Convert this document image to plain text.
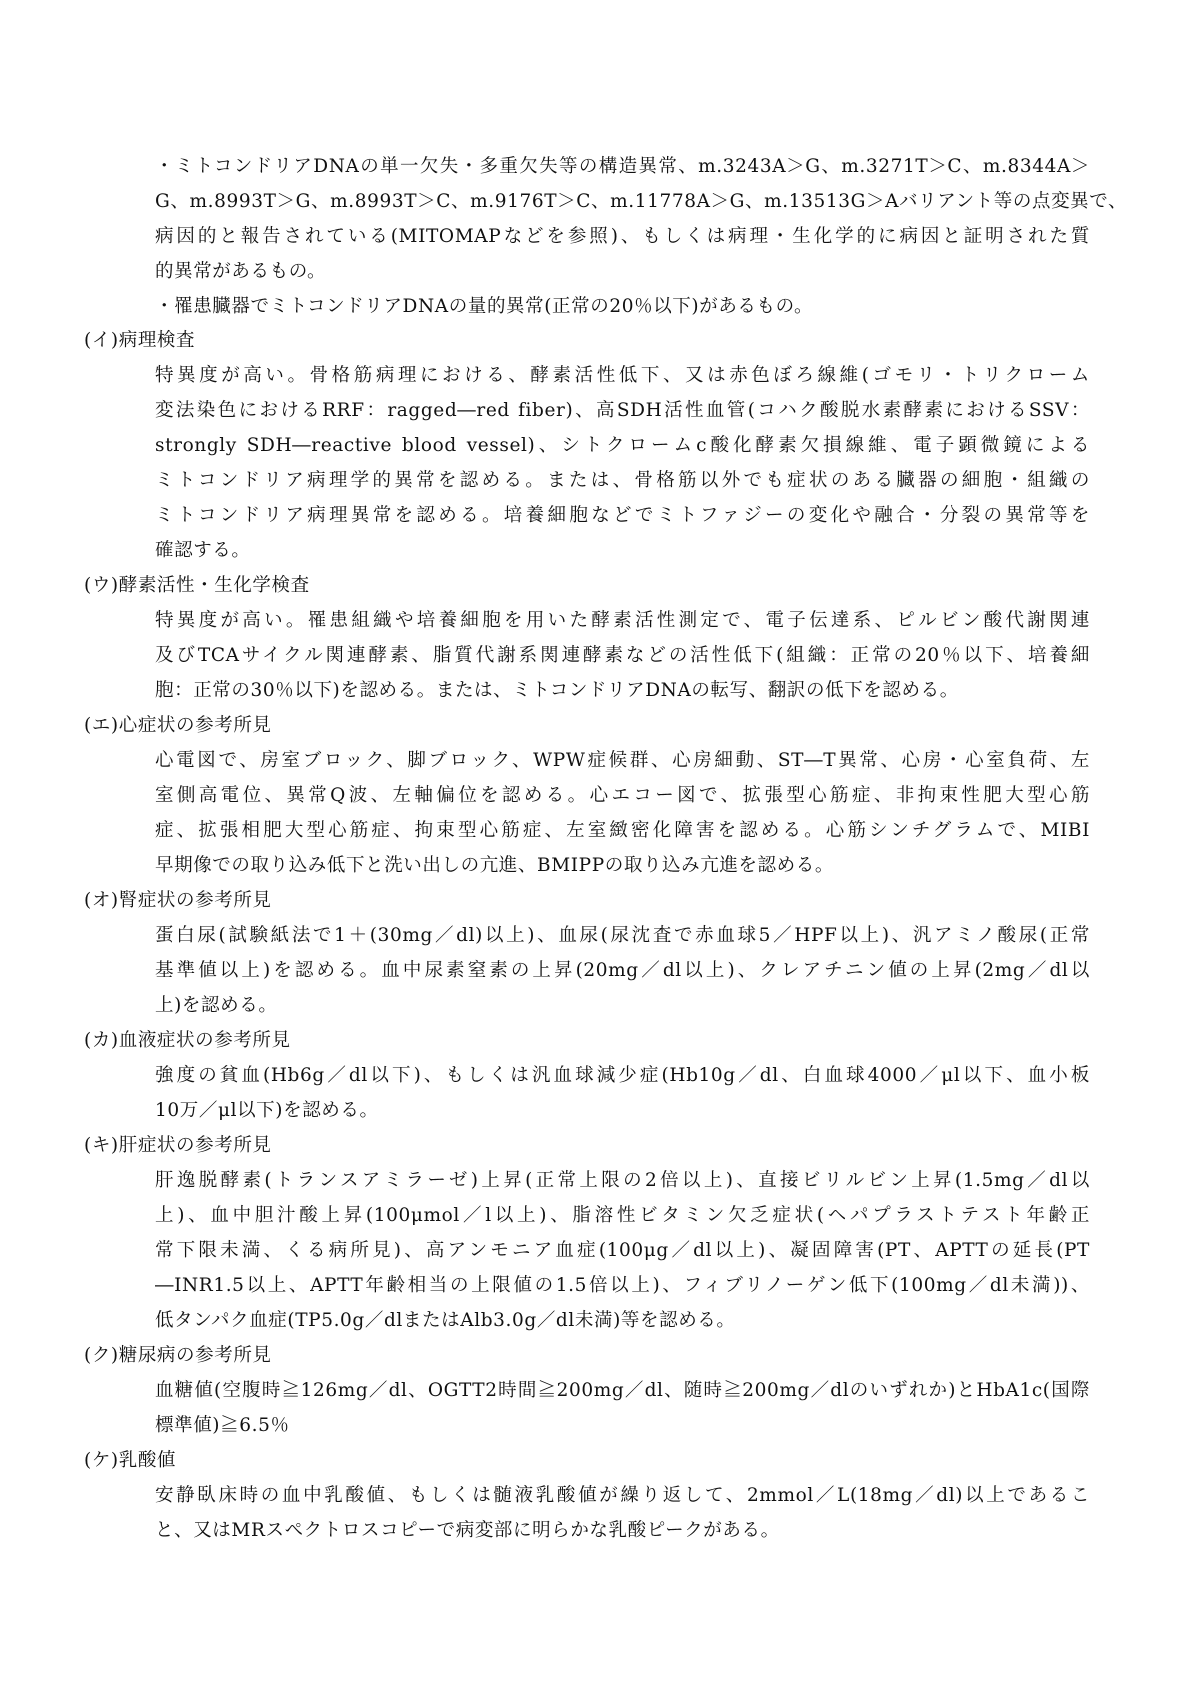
・ミトコンドリアDNAの単一欠失・多重欠失等の構造異常、m.3243A＞G、m.3271T＞C、m.8344A＞
G、m.8993T＞G、m.8993T＞C、m.9176T＞C、m.11778A＞G、m.13513G＞Aバリアント等の点変異で、
病因的と報告されている(MITOMAPなどを参照)、もしくは病理・生化学的に病因と証明された質
的異常があるもの。
・罹患臓器でミトコンドリアDNAの量的異常(正常の20％以下)があるもの。
(イ)病理検査
特異度が高い。骨格筋病理における、酵素活性低下、又は赤色ぼろ線維(ゴモリ・トリクローム
変法染色におけるRRF：ragged―red fiber)、高SDH活性血管(コハク酸脱水素酵素におけるSSV：
strongly SDH―reactive blood vessel)、シトクロームc酸化酵素欠損線維、電子顕微鏡による
ミトコンドリア病理学的異常を認める。または、骨格筋以外でも症状のある臓器の細胞・組織の
ミトコンドリア病理異常を認める。培養細胞などでミトファジーの変化や融合・分裂の異常等を
確認する。
(ウ)酵素活性・生化学検査
特異度が高い。罹患組織や培養細胞を用いた酵素活性測定で、電子伝達系、ピルビン酸代謝関連
及びTCAサイクル関連酵素、脂質代謝系関連酵素などの活性低下(組織：正常の20％以下、培養細
胞：正常の30％以下)を認める。または、ミトコンドリアDNAの転写、翻訳の低下を認める。
(エ)心症状の参考所見
心電図で、房室ブロック、脚ブロック、WPW症候群、心房細動、ST―T異常、心房・心室負荷、左
室側高電位、異常Q波、左軸偏位を認める。心エコー図で、拡張型心筋症、非拘束性肥大型心筋
症、拡張相肥大型心筋症、拘束型心筋症、左室緻密化障害を認める。心筋シンチグラムで、MIBI
早期像での取り込み低下と洗い出しの亢進、BMIPPの取り込み亢進を認める。
(オ)腎症状の参考所見
蛋白尿(試験紙法で1＋(30mg／dl)以上)、血尿(尿沈査で赤血球5／HPF以上)、汎アミノ酸尿(正常
基準値以上)を認める。血中尿素窒素の上昇(20mg／dl以上)、クレアチニン値の上昇(2mg／dl以
上)を認める。
(カ)血液症状の参考所見
強度の貧血(Hb6g／dl以下)、もしくは汎血球減少症(Hb10g／dl、白血球4000／μl以下、血小板
10万／μl以下)を認める。
(キ)肝症状の参考所見
肝逸脱酵素(トランスアミラーゼ)上昇(正常上限の2倍以上)、直接ビリルビン上昇(1.5mg／dl以
上)、血中胆汁酸上昇(100μmol／l以上)、脂溶性ビタミン欠乏症状(ヘパプラストテスト年齢正
常下限未満、くる病所見)、高アンモニア血症(100μg／dl以上)、凝固障害(PT、APTTの延長(PT
―INR1.5以上、APTT年齢相当の上限値の1.5倍以上)、フィブリノーゲン低下(100mg／dl未満))、
低タンパク血症(TP5.0g／dlまたはAlb3.0g／dl未満)等を認める。
(ク)糖尿病の参考所見
血糖値(空腹時≧126mg／dl、OGTT2時間≧200mg／dl、随時≧200mg／dlのいずれか)とHbA1c(国際
標準値)≧6.5％
(ケ)乳酸値
安静臥床時の血中乳酸値、もしくは髄液乳酸値が繰り返して、2mmol／L(18mg／dl)以上であるこ
と、又はMRスペクトロスコピーで病変部に明らかな乳酸ピークがある。
